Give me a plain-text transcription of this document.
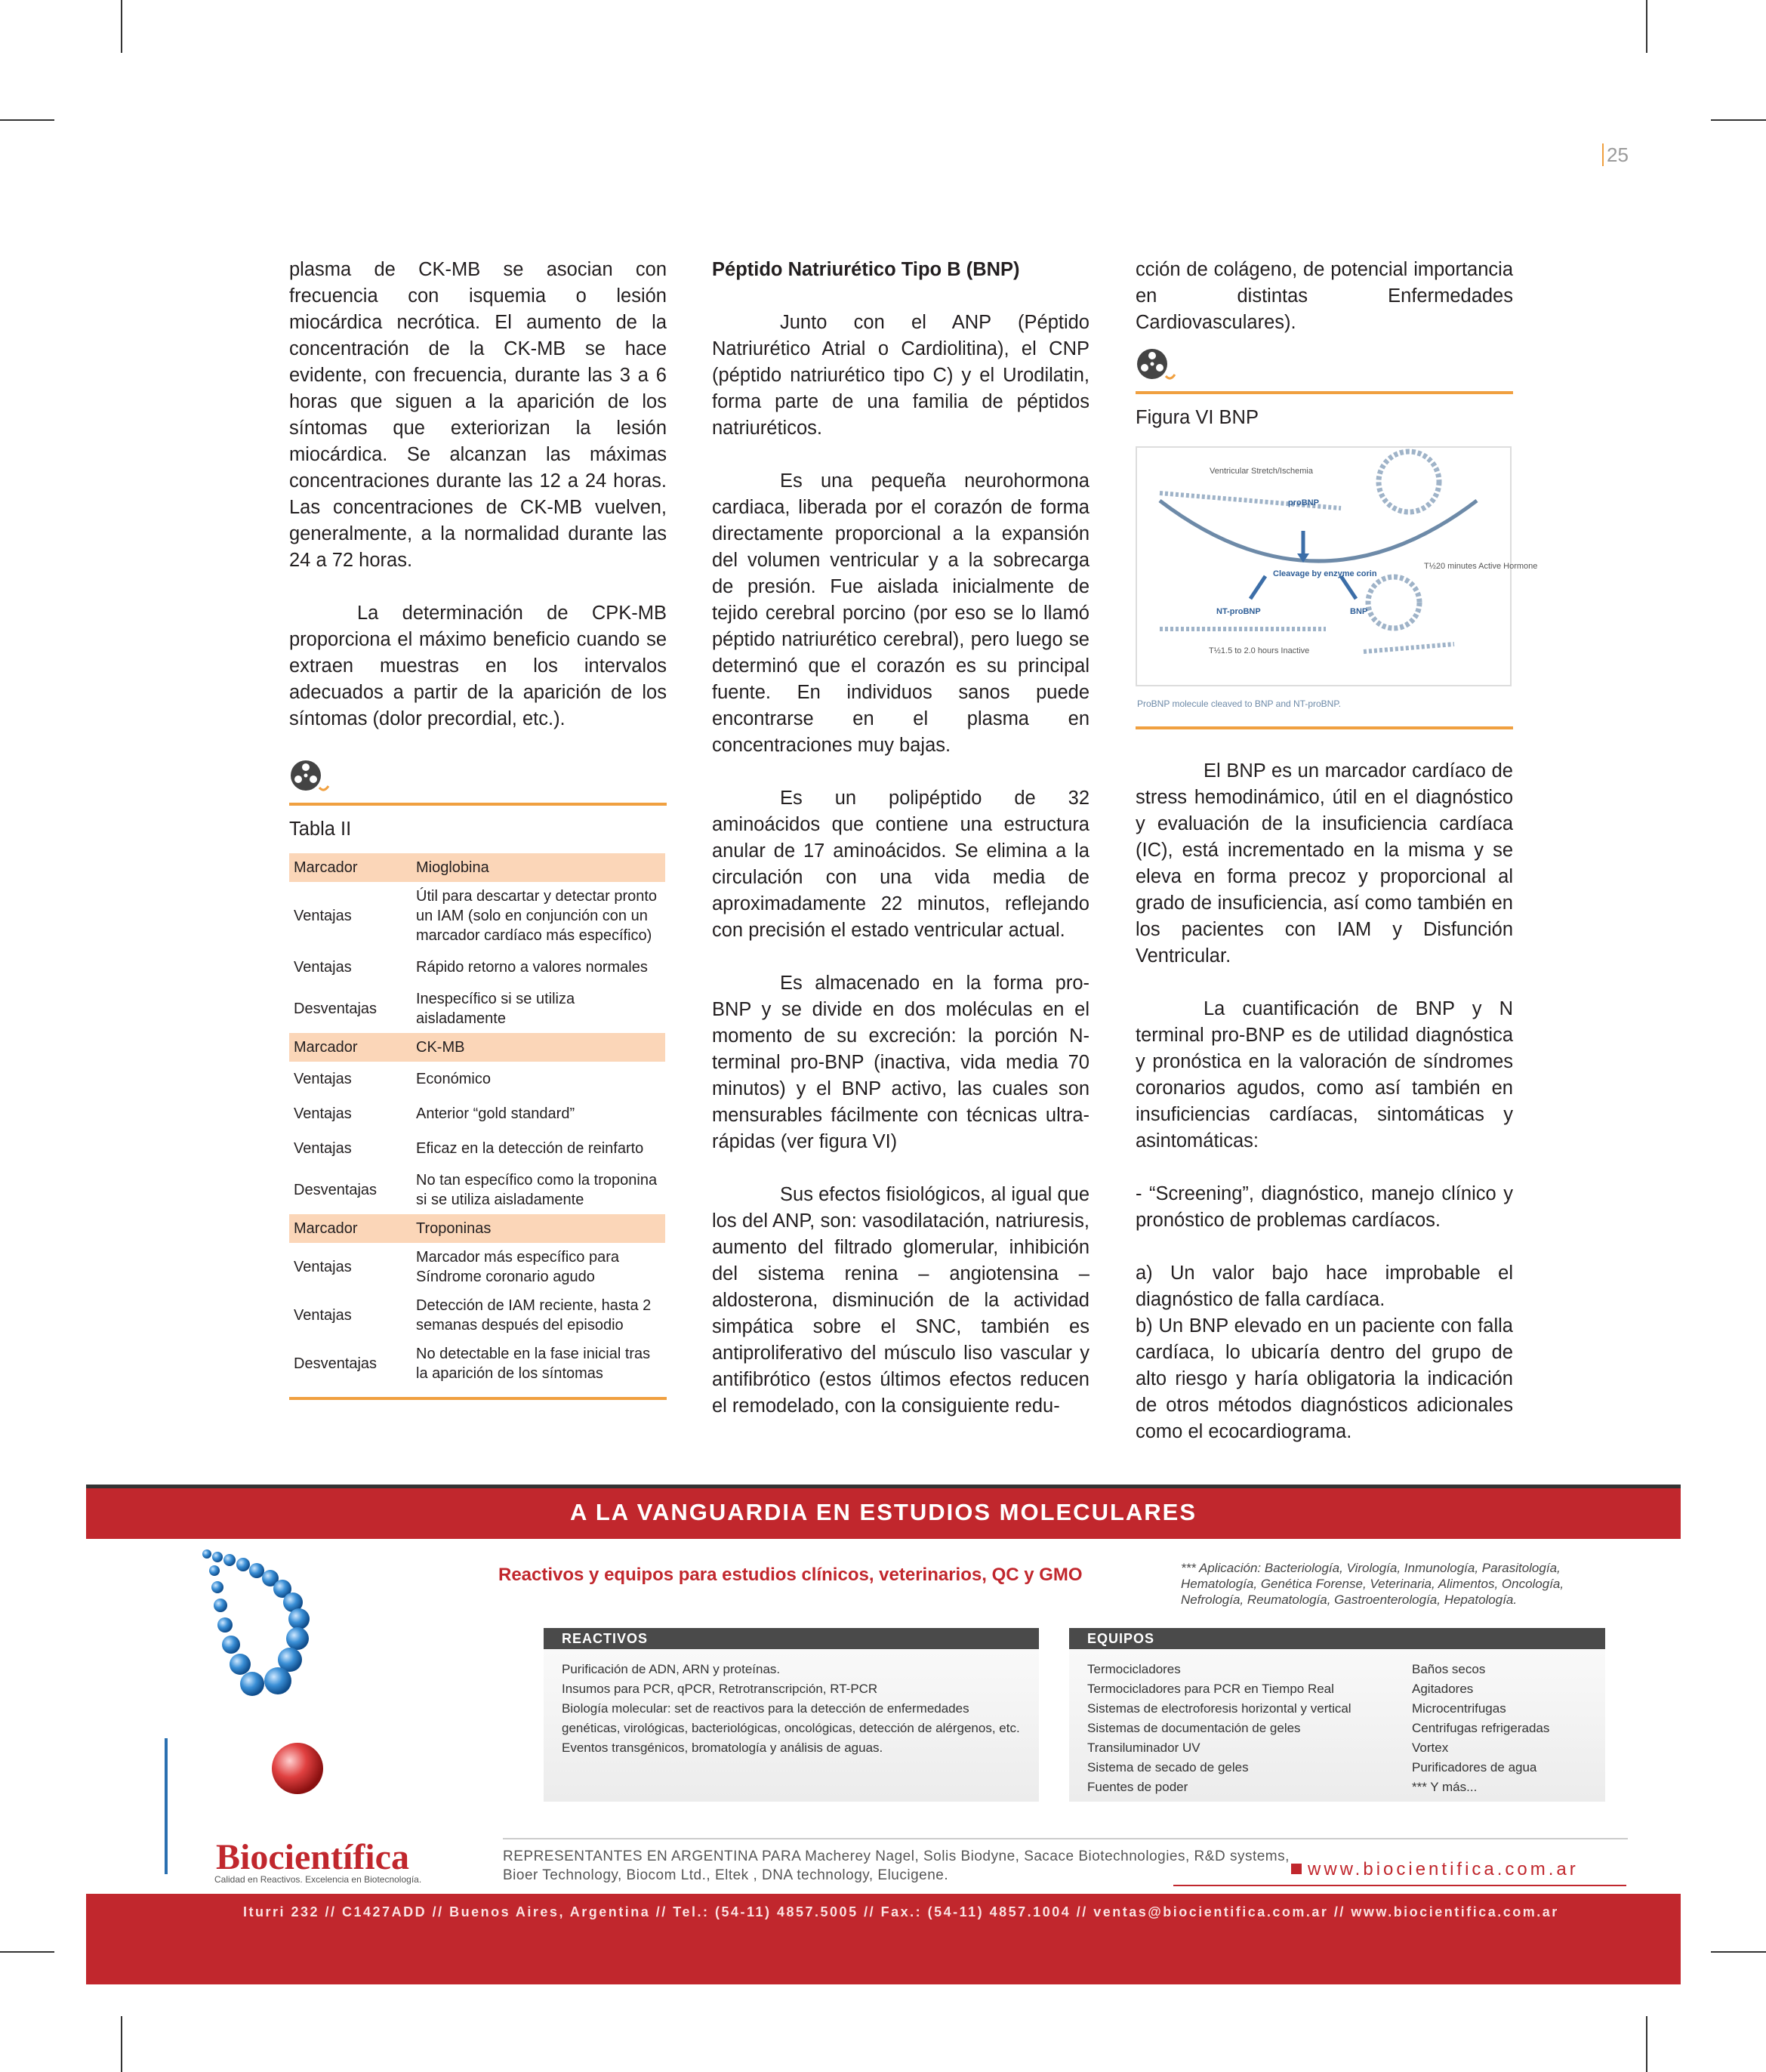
25

plasma de CK-MB se asocian con frecuencia con isquemia o lesión miocárdica necrótica. El aumento de la concentración de la CK-MB se hace evidente, con frecuencia, durante las 3 a 6 horas que siguen a la aparición de los síntomas que exteriorizan la lesión miocárdica. Se alcanzan las máximas concentraciones durante las 12 a 24 horas. Las concentraciones de CK-MB vuelven, generalmente, a la normalidad durante las 24 a 72 horas.

La determinación de CPK-MB proporciona el máximo beneficio cuando se extraen muestras en los intervalos adecuados a partir de la aparición de los síntomas (dolor precordial, etc.).

Tabla II
Marcador	Mioglobina
Ventajas	Útil para descartar y detectar pronto un IAM (solo en conjunción con un marcador cardíaco más específico)
Ventajas	Rápido retorno a valores normales
Desventajas	Inespecífico si se utiliza aisladamente
Marcador	CK-MB
Ventajas	Económico
Ventajas	Anterior “gold standard”
Ventajas	Eficaz en la detección de reinfarto
Desventajas	No tan específico como la troponina si se utiliza aisladamente
Marcador	Troponinas
Ventajas	Marcador más específico para Síndrome coronario agudo
Ventajas	Detección de IAM reciente, hasta 2 semanas después del episodio
Desventajas	No detectable en la fase inicial tras la aparición de los síntomas
Péptido Natriurético Tipo B (BNP)

Junto con el ANP (Péptido Natriurético Atrial o Cardiolitina), el CNP (péptido natriurético tipo C) y el Urodilatin, forma parte de una familia de péptidos natriuréticos.

Es una pequeña neurohormona cardiaca, liberada por el corazón de forma directamente proporcional a la expansión del volumen ventricular y a la sobrecarga de presión. Fue aislada inicialmente de tejido cerebral porcino (por eso se lo llamó péptido natriurético cerebral), pero luego se determinó que el corazón es su principal fuente. En individuos sanos puede encontrarse en el plasma en concentraciones muy bajas.

Es un polipéptido de 32 aminoácidos que contiene una estructura anular de 17 aminoácidos. Se elimina a la circulación con una vida media de aproximadamente 22 minutos, reflejando con precisión el estado ventricular actual.

Es almacenado en la forma pro-BNP y se divide en dos moléculas en el momento de su excreción: la porción N-terminal pro-BNP (inactiva, vida media 70 minutos) y el BNP activo, las cuales son mensurables fácilmente con técnicas ultra-rápidas (ver figura VI)

Sus efectos fisiológicos, al igual que los del ANP, son: vasodilatación, natriuresis, aumento del filtrado glomerular, inhibición del sistema renina – angiotensina – aldosterona, disminución de la actividad simpática sobre el SNC, también es antiproliferativo del músculo liso vascular y antifibrótico (estos últimos efectos reducen el remodelado, con la consiguiente redu-

cción de colágeno, de potencial importancia en distintas Enfermedades Cardiovasculares).

Figura VI BNP
Ventricular Stretch/Ischemia
proBNP
Cleavage by enzyme corin
T½20 minutes Active Hormone
NT-proBNP	BNP
T½1.5 to 2.0 hours Inactive
ProBNP molecule cleaved to BNP and NT-proBNP.

El BNP es un marcador cardíaco de stress hemodinámico, útil en el diagnóstico y evaluación de la insuficiencia cardíaca (IC), está incrementado en la misma y se eleva en forma precoz y proporcional al grado de insuficiencia, así como también en los pacientes con IAM y Disfunción Ventricular.

La cuantificación de BNP y N terminal pro-BNP es de utilidad diagnóstica y pronóstica en la valoración de síndromes coronarios agudos, como así también en insuficiencias cardíacas, sintomáticas y asintomáticas:

- “Screening”, diagnóstico, manejo clínico y pronóstico de problemas cardíacos.

a) Un valor bajo hace improbable el diagnóstico de falla cardíaca.

b) Un BNP elevado en un paciente con falla cardíaca, lo ubicaría dentro del grupo de alto riesgo y haría obligatoria la indicación de otros métodos diagnósticos adicionales como el ecocardiograma.

A LA VANGUARDIA EN ESTUDIOS MOLECULARES
Reactivos y equipos para estudios clínicos, veterinarios, QC y GMO	*** Aplicación: Bacteriología, Virología, Inmunología, Parasitología, Hematología, Genética Forense, Veterinaria, Alimentos, Oncología, Nefrología, Reumatología, Gastroenterología, Hepatología.
REACTIVOS
Purificación de ADN, ARN y proteínas.
Insumos para PCR, qPCR, Retrotranscripción, RT-PCR
Biología molecular: set de reactivos para la detección de enfermedades genéticas, virológicas, bacteriológicas, oncológicas, detección de alérgenos, etc.
Eventos transgénicos, bromatología y análisis de aguas.
EQUIPOS
Termocicladores
Termocicladores para PCR en Tiempo Real
Sistemas de electroforesis horizontal y vertical
Sistemas de documentación de geles
Transiluminador UV
Sistema de secado de geles
Fuentes de poder
Baños secos
Agitadores
Microcentrifugas
Centrifugas refrigeradas
Vortex
Purificadores de agua
*** Y más...
Biocientífica
Calidad en Reactivos. Excelencia en Biotecnología.
REPRESENTANTES EN ARGENTINA PARA Macherey Nagel, Solis Biodyne, Sacace Biotechnologies, R&D systems, Bioer Technology, Biocom Ltd., Eltek , DNA technology, Elucigene.	www.biocientifica.com.ar
Iturri 232 // C1427ADD // Buenos Aires, Argentina // Tel.: (54-11) 4857.5005 // Fax.: (54-11) 4857.1004 // ventas@biocientifica.com.ar // www.biocientifica.com.ar
